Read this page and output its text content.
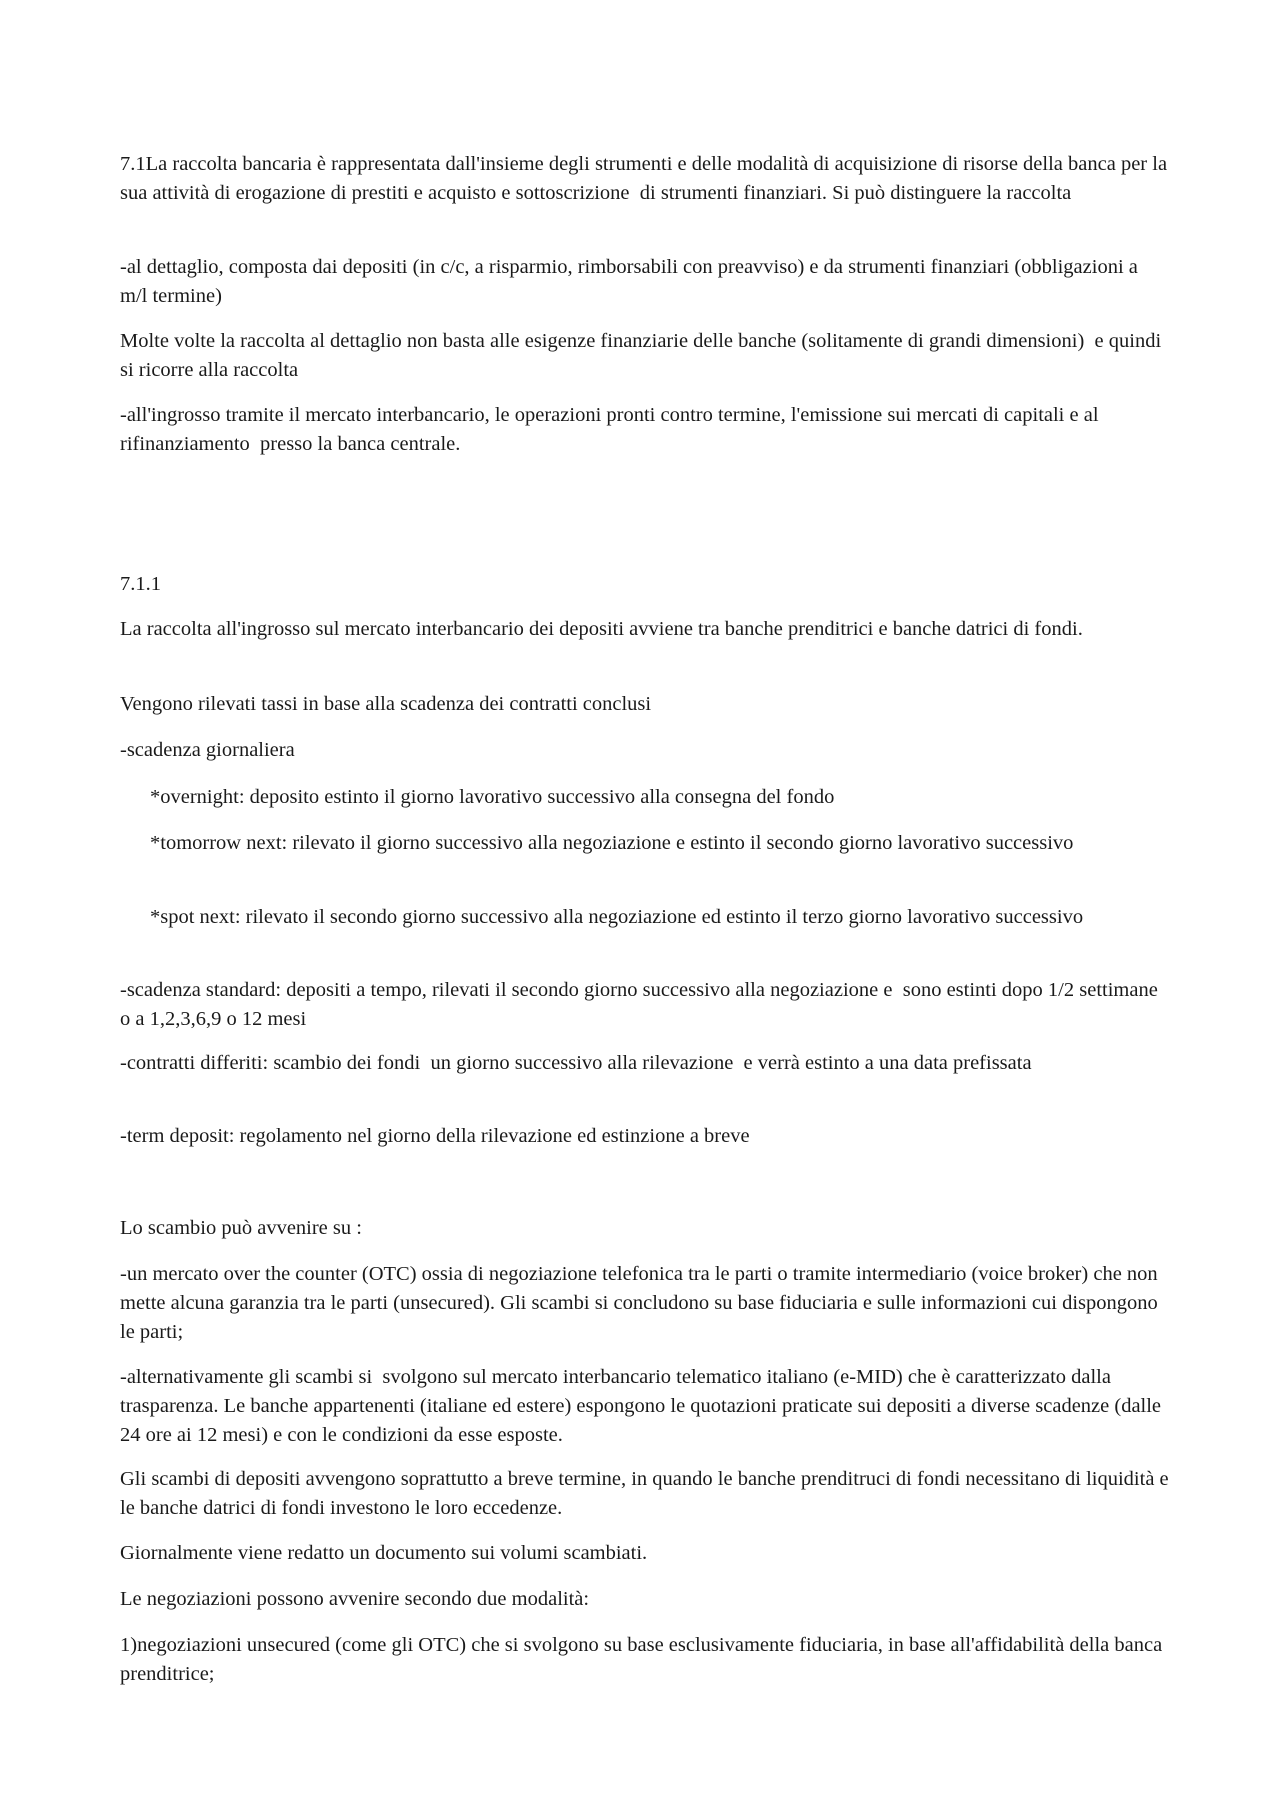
7.1La raccolta bancaria è rappresentata dall'insieme degli strumenti e delle modalità di acquisizione di risorse della banca per la sua attività di erogazione di prestiti e acquisto e sottoscrizione  di strumenti finanziari. Si può distinguere la raccolta

-al dettaglio, composta dai depositi (in c/c, a risparmio, rimborsabili con preavviso) e da strumenti finanziari (obbligazioni a m/l termine)

Molte volte la raccolta al dettaglio non basta alle esigenze finanziarie delle banche (solitamente di grandi dimensioni)  e quindi si ricorre alla raccolta

-all'ingrosso tramite il mercato interbancario, le operazioni pronti contro termine, l'emissione sui mercati di capitali e al rifinanziamento  presso la banca centrale.

7.1.1

La raccolta all'ingrosso sul mercato interbancario dei depositi avviene tra banche prenditrici e banche datrici di fondi.

Vengono rilevati tassi in base alla scadenza dei contratti conclusi

-scadenza giornaliera

*overnight: deposito estinto il giorno lavorativo successivo alla consegna del fondo

*tomorrow next: rilevato il giorno successivo alla negoziazione e estinto il secondo giorno lavorativo successivo

*spot next: rilevato il secondo giorno successivo alla negoziazione ed estinto il terzo giorno lavorativo successivo

-scadenza standard: depositi a tempo, rilevati il secondo giorno successivo alla negoziazione e  sono estinti dopo 1/2 settimane o a 1,2,3,6,9 o 12 mesi

-contratti differiti: scambio dei fondi  un giorno successivo alla rilevazione  e verrà estinto a una data prefissata

-term deposit: regolamento nel giorno della rilevazione ed estinzione a breve

Lo scambio può avvenire su :

-un mercato over the counter (OTC) ossia di negoziazione telefonica tra le parti o tramite intermediario (voice broker) che non mette alcuna garanzia tra le parti (unsecured). Gli scambi si concludono su base fiduciaria e sulle informazioni cui dispongono le parti;

-alternativamente gli scambi si  svolgono sul mercato interbancario telematico italiano (e-MID) che è caratterizzato dalla trasparenza. Le banche appartenenti (italiane ed estere) espongono le quotazioni praticate sui depositi a diverse scadenze (dalle 24 ore ai 12 mesi) e con le condizioni da esse esposte.

Gli scambi di depositi avvengono soprattutto a breve termine, in quando le banche prenditruci di fondi necessitano di liquidità e le banche datrici di fondi investono le loro eccedenze.

Giornalmente viene redatto un documento sui volumi scambiati.

Le negoziazioni possono avvenire secondo due modalità:

1)negoziazioni unsecured (come gli OTC) che si svolgono su base esclusivamente fiduciaria, in base all'affidabilità della banca  prenditrice;
